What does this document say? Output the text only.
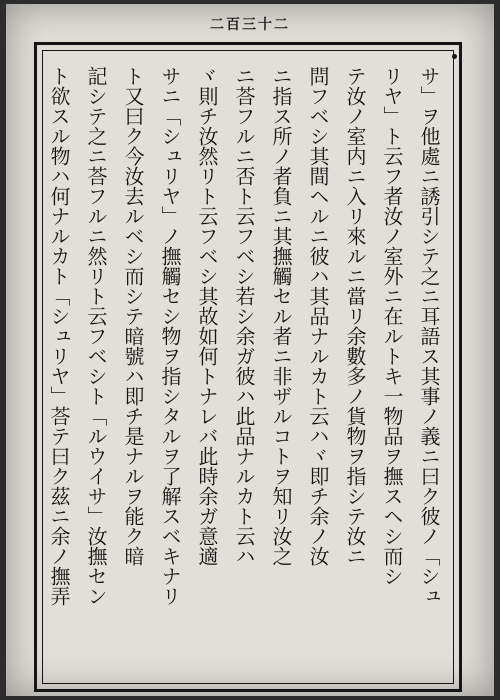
二百三十二
サ」ヲ他處ニ誘引シテ之ニ耳語ス其事ノ義ニ曰ク彼ノ「シュ
リヤ」ト云フ者汝ノ室外ニ在ルトキ一物品ヲ撫スヘシ而シ
テ汝ノ室内ニ入リ來ルニ當リ余數多ノ貨物ヲ指シテ汝ニ
問フベシ其間ヘルニ彼ハ其品ナルカト云ハヾ即チ余ノ汝
ニ指ス所ノ者負ニ其撫觸セル者ニ非ザルコトヲ知リ汝之
ニ荅フルニ否ト云フベシ若シ余ガ彼ハ此品ナルカト云ハ
ヾ則チ汝然リト云フベシ其故如何トナレバ此時余ガ意適
サニ「シュリヤ」ノ撫觸セシ物ヲ指シタルヲ了解スベキナリ
ト又曰ク今汝去ルベシ而シテ暗號ハ即チ是ナルヲ能ク暗
記シテ之ニ荅フルニ然リト云フベシト「ルウイサ」汝撫セン
ト欲スル物ハ何ナルカト「シュリヤ」荅テ曰ク茲ニ余ノ撫弄
